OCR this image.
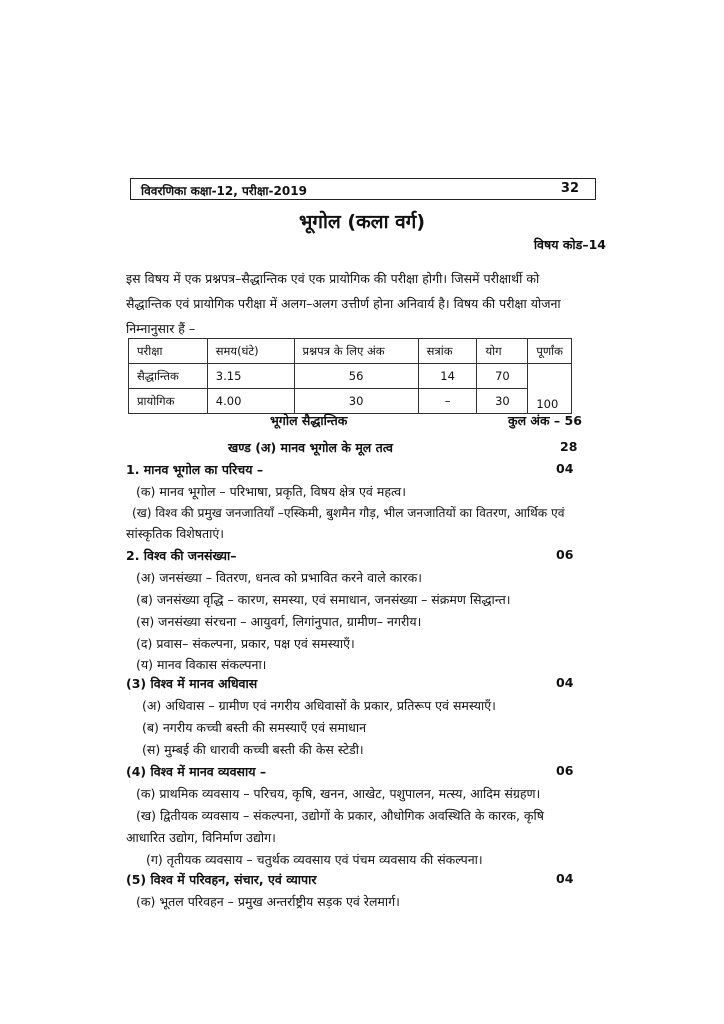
विवरणिका कक्षा-12, परीक्षा-2019	32
भूगोल (कला वर्ग)
विषय कोड–14
इस विषय में एक प्रश्नपत्र–सैद्धान्तिक एवं एक प्रायोगिक की परीक्षा होगी। जिसमें परीक्षार्थी को
सैद्धान्तिक एवं प्रायोगिक परीक्षा में अलग–अलग उत्तीर्ण होना अनिवार्य है। विषय की परीक्षा योजना
निम्नानुसार हैं –
परीक्षा	समय(घंटे)	प्रश्नपत्र के लिए अंक	सत्रांक	योग	पूर्णांक
सैद्धान्तिक	3.15	56	14	70	100
प्रायोगिक	4.00	30	–	30	
भूगोल सैद्धान्तिक	कुल अंक – 56
खण्ड (अ) मानव भूगोल के मूल तत्व	28
1. मानव भूगोल का परिचय –	04
(क) मानव भूगोल – परिभाषा, प्रकृति, विषय क्षेत्र एवं महत्व।
(ख) विश्व की प्रमुख जनजातियाँ –एस्किमी, बुशमैन गौड़, भील जनजातियों का वितरण, आर्थिक एवं
सांस्कृतिक विशेषताएं।
2. विश्व की जनसंख्या–	06
(अ) जनसंख्या – वितरण, धनत्व को प्रभावित करने वाले कारक।
(ब) जनसंख्या वृद्धि – कारण, समस्या, एवं समाधान, जनसंख्या – संक्रमण सिद्धान्त।
(स) जनसंख्या संरचना – आयुवर्ग, लिगांनुपात, ग्रामीण– नगरीय।
(द) प्रवास– संकल्पना, प्रकार, पक्ष एवं समस्याऍं।
(य) मानव विकास संकल्पना।
(3) विश्व में मानव अधिवास	04
(अ) अधिवास – ग्रामीण एवं नगरीय अधिवासों के प्रकार, प्रतिरूप एवं समस्याऍं।
(ब) नगरीय कच्ची बस्ती की समस्याऍं एवं समाधान
(स) मुम्बई की धारावी कच्ची बस्ती की केस स्टेडी।
(4) विश्व में मानव व्यवसाय –	06
(क) प्राथमिक व्यवसाय – परिचय, कृषि, खनन, आखेट, पशुपालन, मत्स्य, आदिम संग्रहण।
(ख) द्वितीयक व्यवसाय – संकल्पना, उद्योगों के प्रकार, औधोगिक अवस्थिति के कारक, कृषि
आधारित उद्योग, विनिर्माण उद्योग।
(ग) तृतीयक व्यवसाय – चतुर्थक व्यवसाय एवं पंचम व्यवसाय की संकल्पना।
(5) विश्व में परिवहन, संचार, एवं व्यापार	04
(क) भूतल परिवहन – प्रमुख अन्तर्राष्ट्रीय सड़क एवं रेलमार्ग।
